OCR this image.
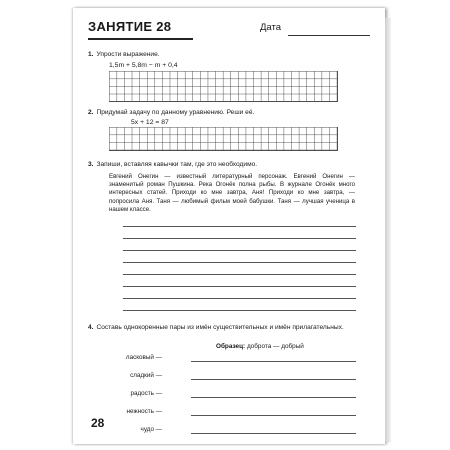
ЗАНЯТИЕ 28	Дата
1. Упрости выражение.
1,5m + 5,8m − m + 0,4
2. Придумай задачу по данному уравнению. Реши её.
5x + 12 = 87
3. Запиши, вставляя кавычки там, где это необходимо.
Евгений Онегин — известный литературный персонаж. Евгений Онегин — знаменитый роман Пушкина. Река Огонёк полна рыбы. В журнале Огонёк много интересных статей. Приходи ко мне завтра, Аня! Приходи ко мне завтра, — попросила Аня. Таня — любимый фильм моей бабушки. Таня — лучшая ученица в нашем классе.
4. Составь однокоренные пары из имён существительных и имён прилагательных.
Образец: доброта — добрый
ласковый —
сладкий —
радость —
нежность —
чудо —
28
